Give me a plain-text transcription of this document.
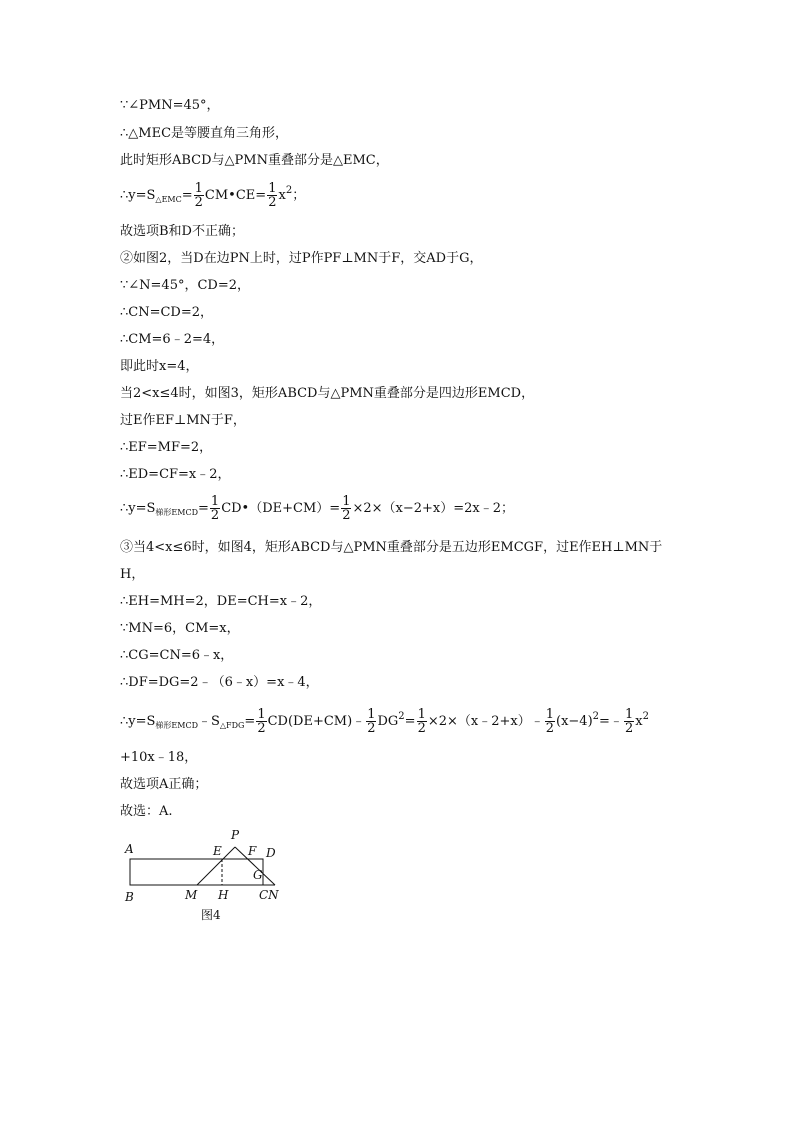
∵∠PMN=45°，
∴△MEC是等腰直角三角形，
此时矩形ABCD与△PMN重叠部分是△EMC，
$\therefore y=S_{\triangle EMC}= \frac{1}{2}$ CM•CE= $\frac{1}{2} x^2$；
故选项B和D不正确；
②如图2，当D在边PN上时，过P作PF⊥MN于F，交AD于G，
∵∠N=45°，CD=2，
∴CN=CD=2，
∴CM=6﹣2=4，
即此时x=4，
当2<x≤4时，如图3，矩形ABCD与△PMN重叠部分是四边形EMCD，
过E作EF⊥MN于F，
∴EF=MF=2，
∴ED=CF=x﹣2，
$\therefore y=S_{梯形EMCD}= \frac{1}{2}$ CD•（DE+CM）= $\frac{1}{2}$ ×2×（x−2+x）=2x﹣2；
③当4<x≤6时，如图4，矩形ABCD与△PMN重叠部分是五边形EMCGF，过E作EH⊥MN于
H，
∴EH=MH=2，DE=CH=x﹣2，
∵MN=6，CM=x，
∴CG=CN=6﹣x，
∴DF=DG=2﹣（6﹣x）=x﹣4，
$\therefore y=S_{梯形EMCD}﹣S_{\triangle FDG}= \frac{1}{2}$ CD(DE+CM)﹣ $\frac{1}{2} DG^2= \frac{1}{2}$ ×2×（x﹣2+x）﹣ $\frac{1}{2}$ $(x-4)^2=﹣ \frac{1}{2} x^2$
+10x﹣18，
故选项A正确；
故选：A.
A
B
P
E F D
G
M H	CN
图4
